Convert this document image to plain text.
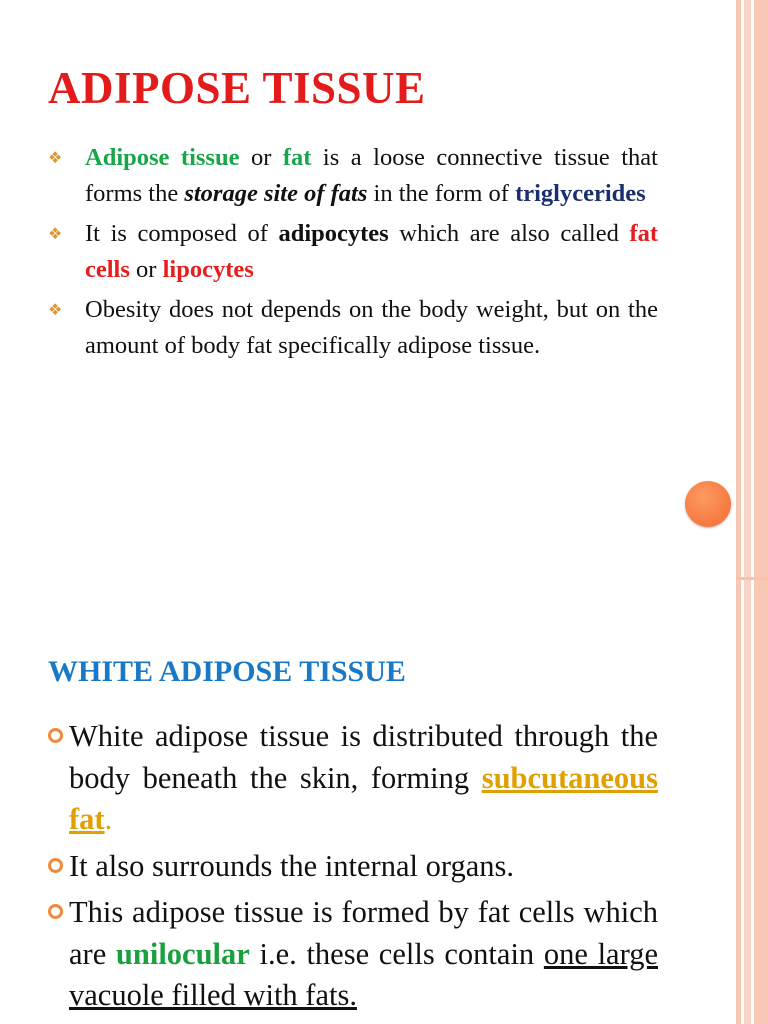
ADIPOSE TISSUE
❖ Adipose tissue or fat is a loose connective tissue that forms the storage site of fats in the form of triglycerides
❖ It is composed of adipocytes which are also called fat cells or lipocytes
❖ Obesity does not depends on the body weight, but on the amount of body fat specifically adipose tissue.
WHITE ADIPOSE TISSUE
White adipose tissue is distributed through the body beneath the skin, forming subcutaneous fat.
It also surrounds the internal organs.
This adipose tissue is formed by fat cells which are unilocular i.e. these cells contain one large vacuole filled with fats.
